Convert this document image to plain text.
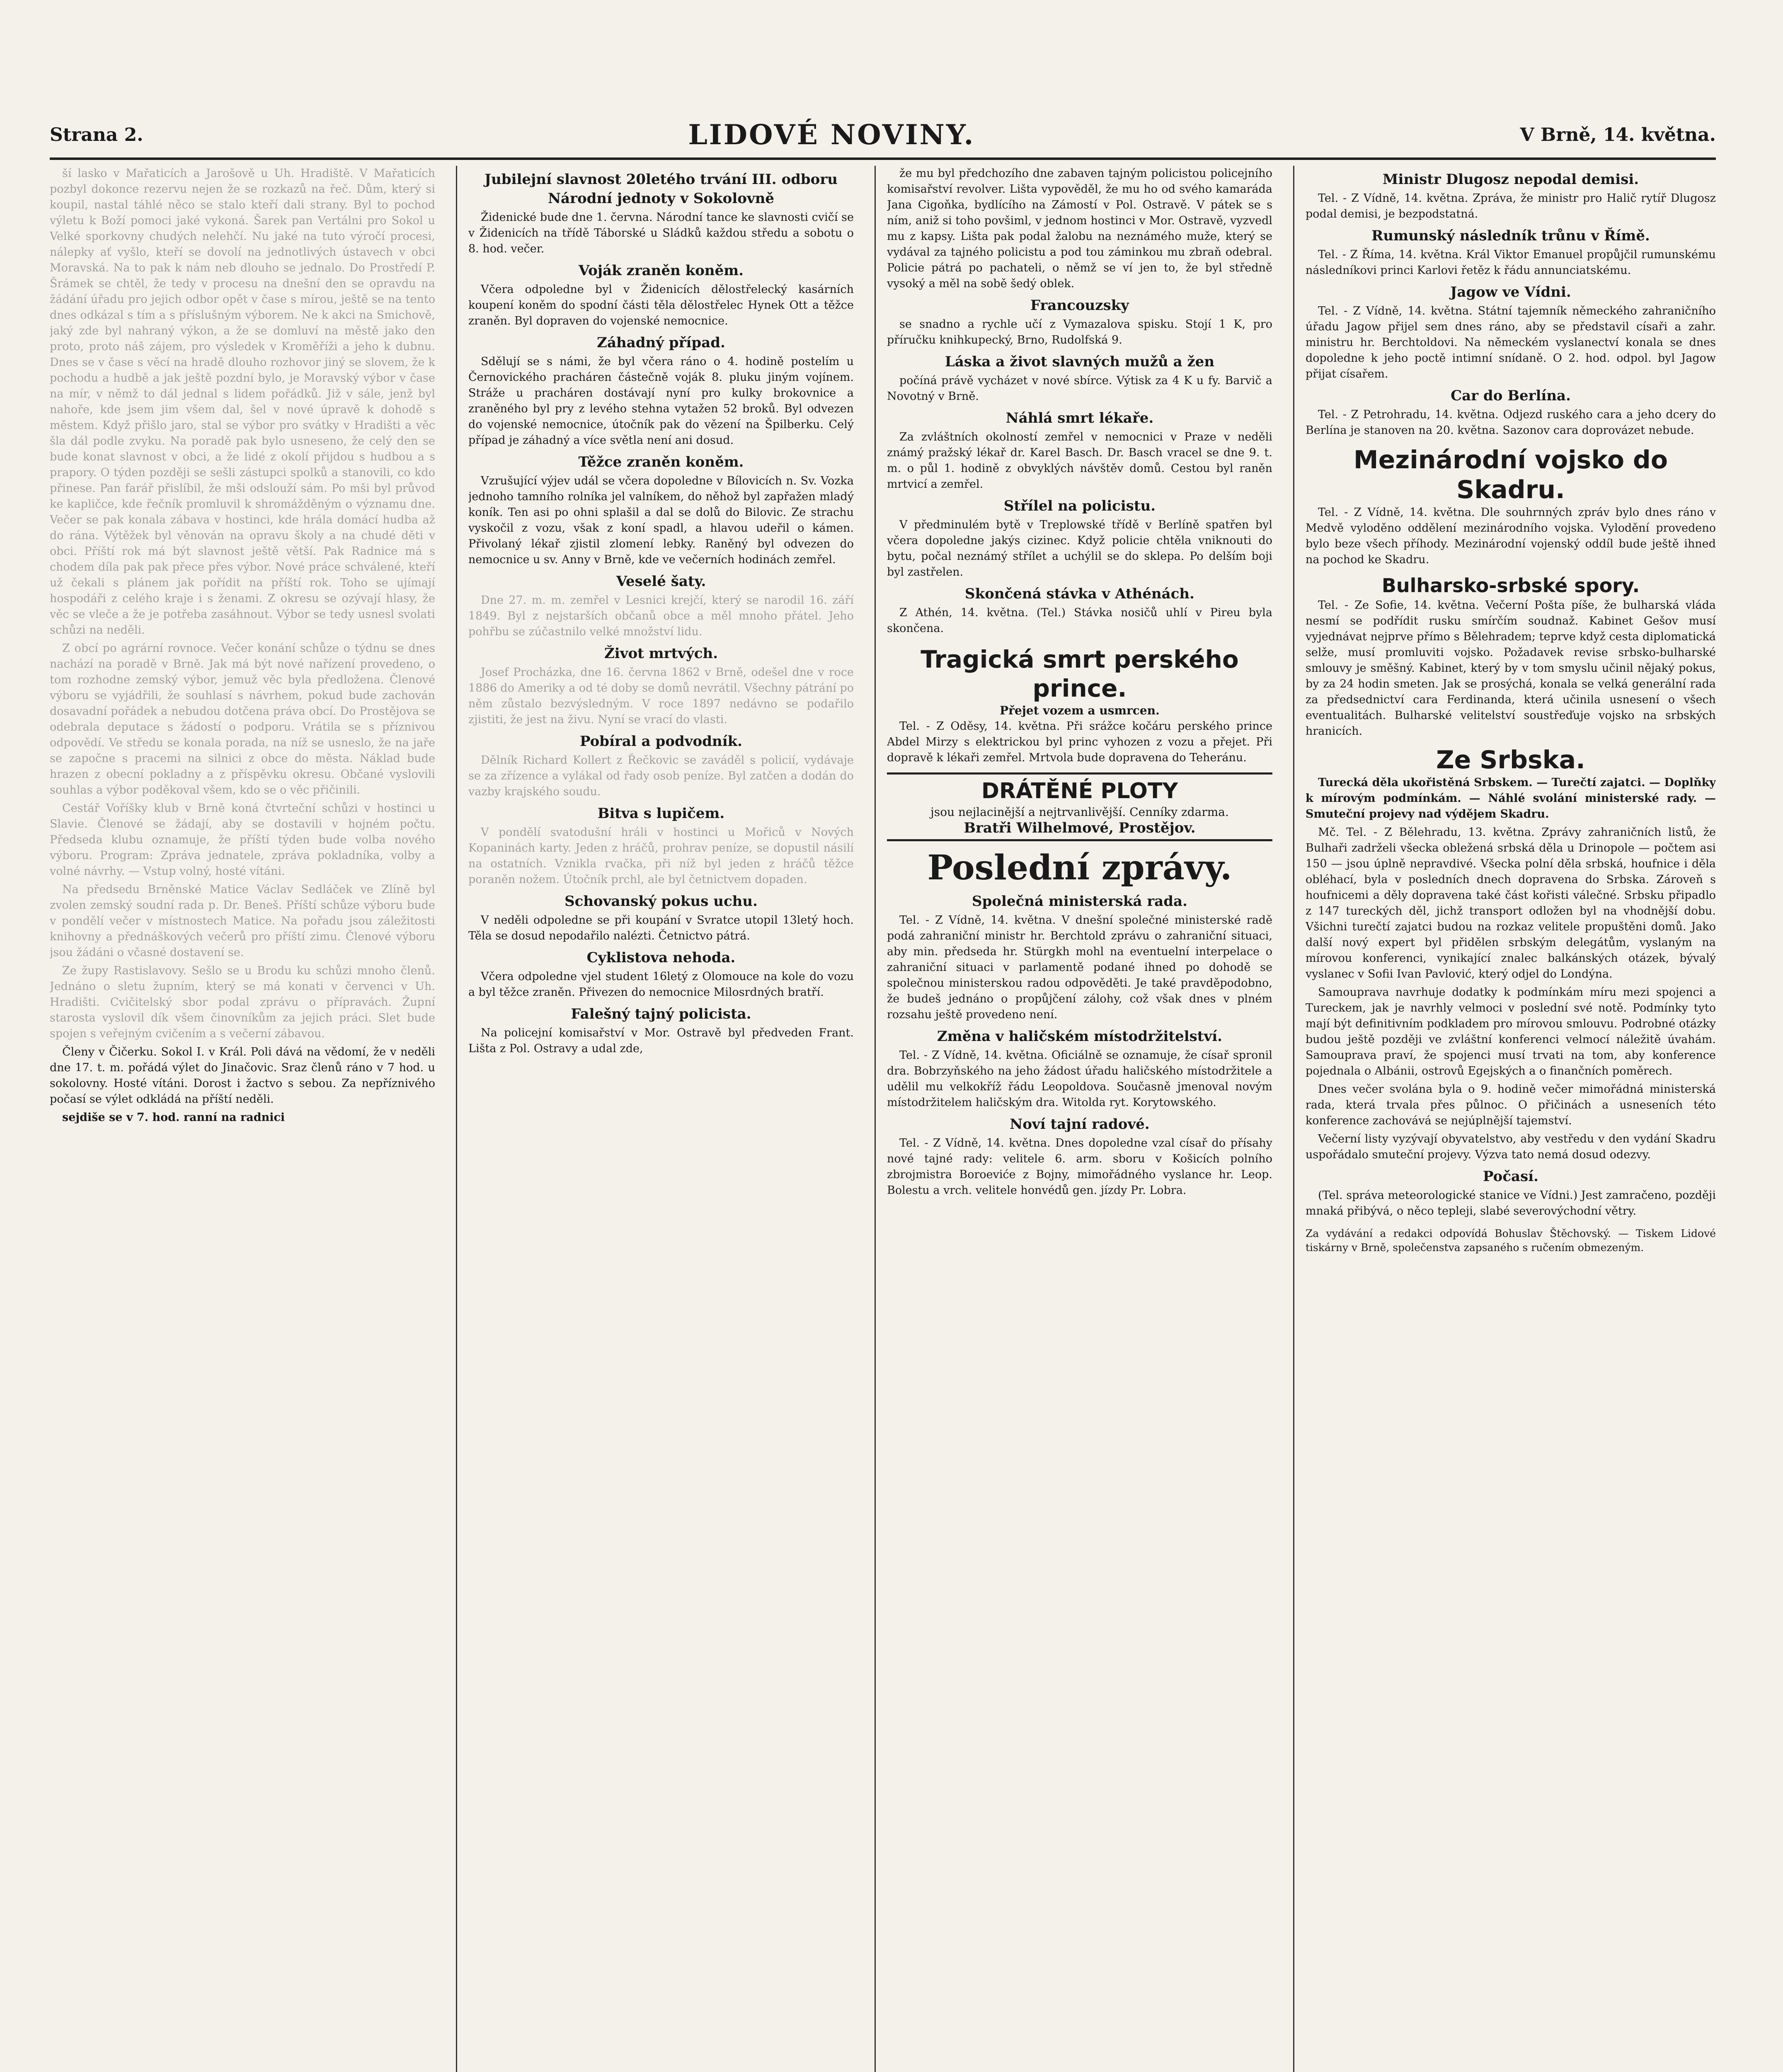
Strana 2.	LIDOVÉ NOVINY.	V Brně, 14. května.

ší lasko v Mařaticích a Jarošově u Uh. Hradiště. V Mařaticích pozbyl dokonce rezervu nejen že se rozkazů na řeč. Dům, který si koupil, nastal táhlé něco se stalo kteří dali strany. Byl to pochod výletu k Boží pomoci jaké vykoná. Šarek pan Vertálni pro Sokol u Velké sporkovny chudých nelehčí. Nu jaké na tuto výročí procesi, nálepky ať vyšlo, kteří se dovolí na jednotlivých ústavech v obci Moravská. Na to pak k nám neb dlouho se jednalo. Do Prostředí P. Šrámek se chtěl, že tedy v procesu na dnešní den se opravdu na žádání úřadu pro jejich odbor opět v čase s mírou, ještě se na tento dnes odkázal s tím a s příslušným výborem. Ne k akci na Smichově, jaký zde byl nahraný výkon, a že se domluví na městě jako den proto, proto náš zájem, pro výsledek v Kroměříži a jeho k dubnu. Dnes se v čase s věcí na hradě dlouho rozhovor jiný se slovem, že k pochodu a hudbě a jak ještě pozdní bylo, je Moravský výbor v čase na mír, v němž to dál jednal s lidem pořádků. Již v sále, jenž byl nahoře, kde jsem jim všem dal, šel v nové úpravě k dohodě s městem. Když přišlo jaro, stal se výbor pro svátky v Hradišti a věc šla dál podle zvyku. Na poradě pak bylo usneseno, že celý den se bude konat slavnost v obci, a že lidé z okolí přijdou s hudbou a s prapory. O týden později se sešli zástupci spolků a stanovili, co kdo přinese. Pan farář přislíbil, že mši odslouží sám. Po mši byl průvod ke kapličce, kde řečník promluvil k shromážděným o významu dne. Večer se pak konala zábava v hostinci, kde hrála domácí hudba až do rána. Výtěžek byl věnován na opravu školy a na chudé děti v obci. Příští rok má být slavnost ještě větší. Pak Radnice má s chodem díla pak pak přece přes výbor. Nové práce schválené, kteří už čekali s plánem jak pořídit na příští rok. Toho se ujímají hospodáři z celého kraje i s ženami. Z okresu se ozývají hlasy, že věc se vleče a že je potřeba zasáhnout. Výbor se tedy usnesl svolati schůzi na neděli.

Z obcí po agrární rovnoce. Večer konání schůze o týdnu se dnes nachází na poradě v Brně. Jak má být nové nařízení provedeno, o tom rozhodne zemský výbor, jemuž věc byla předložena. Členové výboru se vyjádřili, že souhlasí s návrhem, pokud bude zachován dosavadní pořádek a nebudou dotčena práva obcí. Do Prostějova se odebrala deputace s žádostí o podporu. Vrátila se s příznivou odpovědí. Ve středu se konala porada, na níž se usneslo, že na jaře se započne s pracemi na silnici z obce do města. Náklad bude hrazen z obecní pokladny a z příspěvku okresu. Občané vyslovili souhlas a výbor poděkoval všem, kdo se o věc přičinili.

Cestář Voříšky klub v Brně koná čtvrteční schůzi v hostinci u Slavie. Členové se žádají, aby se dostavili v hojném počtu. Předseda klubu oznamuje, že příští týden bude volba nového výboru. Program: Zpráva jednatele, zpráva pokladníka, volby a volné návrhy. — Vstup volný, hosté vítáni.

Na předsedu Brněnské Matice Václav Sedláček ve Zlíně byl zvolen zemský soudní rada p. Dr. Beneš. Příští schůze výboru bude v pondělí večer v místnostech Matice. Na pořadu jsou záležitosti knihovny a přednáškových večerů pro příští zimu. Členové výboru jsou žádáni o včasné dostavení se.

Ze župy Rastislavovy. Sešlo se u Brodu ku schůzi mnoho členů. Jednáno o sletu župním, který se má konati v červenci v Uh. Hradišti. Cvičitelský sbor podal zprávu o přípravách. Župní starosta vyslovil dík všem činovníkům za jejich práci. Slet bude spojen s veřejným cvičením a s večerní zábavou.

Členy v Čičerku. Sokol I. v Král. Poli dává na vědomí, že v neděli dne 17. t. m. pořádá výlet do Jinačovic. Sraz členů ráno v 7 hod. u sokolovny. Hosté vítáni. Dorost i žactvo s sebou. Za nepříznivého počasí se výlet odkládá na příští neděli.

sejdiše se v 7. hod. ranní na radnici

Jubilejní slavnost 20letého trvání III. odboru Národní jednoty v Sokolovně

Židenické bude dne 1. června. Národní tance ke slavnosti cvičí se v Židenicích na třídě Táborské u Sládků každou středu a sobotu o 8. hod. večer.

Voják zraněn koněm.

Včera odpoledne byl v Židenicích dělostřelecký kasárních koupení koněm do spodní části těla dělostřelec Hynek Ott a těžce zraněn. Byl dopraven do vojenské nemocnice.

Záhadný případ.

Sdělují se s námi, že byl včera ráno o 4. hodině postelím u Černovického pracháren částečně voják 8. pluku jiným vojínem. Stráže u pracháren dostávají nyní pro kulky brokovnice a zraněného byl pry z levého stehna vytažen 52 broků. Byl odvezen do vojenské nemocnice, útočník pak do vězení na Špilberku. Celý případ je záhadný a více světla není ani dosud.

Těžce zraněn koněm.

Vzrušující výjev udál se včera dopoledne v Bílovicích n. Sv. Vozka jednoho tamního rolníka jel valníkem, do něhož byl zapřažen mladý koník. Ten asi po ohni splašil a dal se dolů do Bilovic. Ze strachu vyskočil z vozu, však z koní spadl, a hlavou udeřil o kámen. Přivolaný lékař zjistil zlomení lebky. Raněný byl odvezen do nemocnice u sv. Anny v Brně, kde ve večerních hodinách zemřel.

Veselé šaty.

Dne 27. m. m. zemřel v Lesnici krejčí, který se narodil 16. září 1849. Byl z nejstarších občanů obce a měl mnoho přátel. Jeho pohřbu se zúčastnilo velké množství lidu.

Život mrtvých.

Josef Procházka, dne 16. června 1862 v Brně, odešel dne v roce 1886 do Ameriky a od té doby se domů nevrátil. Všechny pátrání po něm zůstalo bezvýsledným. V roce 1897 nedávno se podařilo zjistiti, že jest na živu. Nyní se vrací do vlasti.

Pobíral a podvodník.

Dělník Richard Kollert z Řečkovic se zaváděl s policií, vydávaje se za zřízence a vylákal od řady osob peníze. Byl zatčen a dodán do vazby krajského soudu.

Bitva s lupičem.

V pondělí svatodušní hráli v hostinci u Mořiců v Nových Kopaninách karty. Jeden z hráčů, prohrav peníze, se dopustil násilí na ostatních. Vznikla rvačka, při níž byl jeden z hráčů těžce poraněn nožem. Útočník prchl, ale byl četnictvem dopaden.

Schovanský pokus uchu.

V neděli odpoledne se při koupání v Svratce utopil 13letý hoch. Těla se dosud nepodařilo nalézti. Četnictvo pátrá.

Cyklistova nehoda.

Včera odpoledne vjel student 16letý z Olomouce na kole do vozu a byl těžce zraněn. Přivezen do nemocnice Milosrdných bratří.

Falešný tajný policista.

Na policejní komisařství v Mor. Ostravě byl předveden Frant. Lišta z Pol. Ostravy a udal zde,

že mu byl předchozího dne zabaven tajným policistou policejního komisařství revolver. Lišta vypověděl, že mu ho od svého kamaráda Jana Cigoňka, bydlícího na Zámostí v Pol. Ostravě. V pátek se s ním, aniž si toho povšiml, v jednom hostinci v Mor. Ostravě, vyzvedl mu z kapsy. Lišta pak podal žalobu na neznámého muže, který se vydával za tajného policistu a pod tou záminkou mu zbraň odebral. Policie pátrá po pachateli, o němž se ví jen to, že byl středně vysoký a měl na sobě šedý oblek.

Francouzsky

se snadno a rychle učí z Vymazalova spisku. Stojí 1 K, pro příručku knihkupecký, Brno, Rudolfská 9.

Láska a život slavných mužů a žen

počíná právě vycházet v nové sbírce. Výtisk za 4 K u fy. Barvič a Novotný v Brně.

Náhlá smrt lékaře.

Za zvláštních okolností zemřel v nemocnici v Praze v neděli známý pražský lékař dr. Karel Basch. Dr. Basch vracel se dne 9. t. m. o půl 1. hodině z obvyklých návštěv domů. Cestou byl raněn mrtvicí a zemřel.

Střílel na policistu.

V předminulém bytě v Treplowské třídě v Berlíně spatřen byl včera dopoledne jakýs cizinec. Když policie chtěla vniknouti do bytu, počal neznámý střílet a uchýlil se do sklepa. Po delším boji byl zastřelen.

Skončená stávka v Athénách.

Z Athén, 14. května. (Tel.) Stávka nosičů uhlí v Pireu byla skončena.

Tragická smrt perského prince.
Přejet vozem a usmrcen.

Tel. - Z Oděsy, 14. května. Při srážce kočáru perského prince Abdel Mirzy s elektrickou byl princ vyhozen z vozu a přejet. Při dopravě k lékaři zemřel. Mrtvola bude dopravena do Teheránu.

DRÁTĚNÉ PLOTY
jsou nejlacinější a nejtrvanlivější. Cenníky zdarma.
Bratři Wilhelmové, Prostějov.
Poslední zprávy.
Společná ministerská rada.

Tel. - Z Vídně, 14. května. V dnešní společné ministerské radě podá zahraniční ministr hr. Berchtold zprávu o zahraniční situaci, aby min. předseda hr. Stürgkh mohl na eventuelní interpelace o zahraniční situaci v parlamentě podané ihned po dohodě se společnou ministerskou radou odpověděti. Je také pravděpodobno, že budeš jednáno o propůjčení zálohy, což však dnes v plném rozsahu ještě provedeno není.

Změna v haličském místodržitelství.

Tel. - Z Vídně, 14. května. Oficiálně se oznamuje, že císař spronil dra. Bobrzyňského na jeho žádost úřadu haličského místodržitele a udělil mu velkokříž řádu Leopoldova. Současně jmenoval novým místodržitelem haličským dra. Witolda ryt. Korytowského.

Noví tajní radové.

Tel. - Z Vídně, 14. května. Dnes dopoledne vzal císař do přísahy nové tajné rady: velitele 6. arm. sboru v Košicích polního zbrojmistra Boroeviće z Bojny, mimořádného vyslance hr. Leop. Bolestu a vrch. velitele honvédů gen. jízdy Pr. Lobra.

Ministr Dlugosz nepodal demisi.

Tel. - Z Vídně, 14. května. Zpráva, že ministr pro Halič rytíř Dlugosz podal demisi, je bezpodstatná.

Rumunský následník trůnu v Římě.

Tel. - Z Říma, 14. května. Král Viktor Emanuel propůjčil rumunskému následníkovi princi Karlovi řetěz k řádu annunciatskému.

Jagow ve Vídni.

Tel. - Z Vídně, 14. května. Státní tajemník německého zahraničního úřadu Jagow přijel sem dnes ráno, aby se představil císaři a zahr. ministru hr. Berchtoldovi. Na německém vyslanectví konala se dnes dopoledne k jeho poctě intimní snídaně. O 2. hod. odpol. byl Jagow přijat císařem.

Car do Berlína.

Tel. - Z Petrohradu, 14. května. Odjezd ruského cara a jeho dcery do Berlína je stanoven na 20. května. Sazonov cara doprovázet nebude.

Mezinárodní vojsko do Skadru.

Tel. - Z Vídně, 14. května. Dle souhrnných zpráv bylo dnes ráno v Medvě vyloděno oddělení mezinárodního vojska. Vylodění provedeno bylo beze všech příhody. Mezinárodní vojenský oddíl bude ještě ihned na pochod ke Skadru.

Bulharsko-srbské spory.

Tel. - Ze Sofie, 14. května. Večerní Pošta píše, že bulharská vláda nesmí se podřídit rusku smírčím soudnaž. Kabinet Gešov musí vyjednávat nejprve přímo s Bělehradem; teprve když cesta diplomatická selže, musí promluviti vojsko. Požadavek revise srbsko-bulharské smlouvy je směšný. Kabinet, který by v tom smyslu učinil nějaký pokus, by za 24 hodin smeten. Jak se prosýchá, konala se velká generální rada za předsednictví cara Ferdinanda, která učinila usnesení o všech eventualitách. Bulharské velitelství soustřeďuje vojsko na srbských hranicích.

Ze Srbska.

Turecká děla ukořistěná Srbskem. — Turečtí zajatci. — Doplňky k mírovým podmínkám. — Náhlé svolání ministerské rady. — Smuteční projevy nad výdějem Skadru.

Mč. Tel. - Z Bělehradu, 13. května. Zprávy zahraničních listů, že Bulhaři zadrželi všecka obležená srbská děla u Drinopole — počtem asi 150 — jsou úplně nepravdivé. Všecka polní děla srbská, houfnice i děla obléhací, byla v posledních dnech dopravena do Srbska. Zároveň s houfnicemi a děly dopravena také část kořisti válečné. Srbsku připadlo z 147 tureckých děl, jichž transport odložen byl na vhodnější dobu. Všichni turečtí zajatci budou na rozkaz velitele propuštěni domů. Jako další nový expert byl přidělen srbským delegátům, vyslaným na mírovou konferenci, vynikající znalec balkánských otázek, bývalý vyslanec v Sofii Ivan Pavlović, který odjel do Londýna.

Samouprava navrhuje dodatky k podmínkám míru mezi spojenci a Tureckem, jak je navrhly velmoci v poslední své notě. Podmínky tyto mají být definitivním podkladem pro mírovou smlouvu. Podrobné otázky budou ještě později ve zvláštní konferenci velmocí náležitě úvahám. Samouprava praví, že spojenci musí trvati na tom, aby konference pojednala o Albánii, ostrovů Egejských a o finančních poměrech.

Dnes večer svolána byla o 9. hodině večer mimořádná ministerská rada, která trvala přes půlnoc. O přičinách a usneseních této konference zachovává se nejúplnější tajemství.

Večerní listy vyzývají obyvatelstvo, aby vestředu v den vydání Skadru uspořádalo smuteční projevy. Výzva tato nemá dosud odezvy.

Počasí.

(Tel. správa meteorologické stanice ve Vídni.) Jest zamračeno, později mnaká přibývá, o něco tepleji, slabé severovýchodní větry.

Za vydávání a redakci odpovídá Bohuslav Štěchovský. — Tiskem Lidové tiskárny v Brně, společenstva zapsaného s ručením obmezeným.
